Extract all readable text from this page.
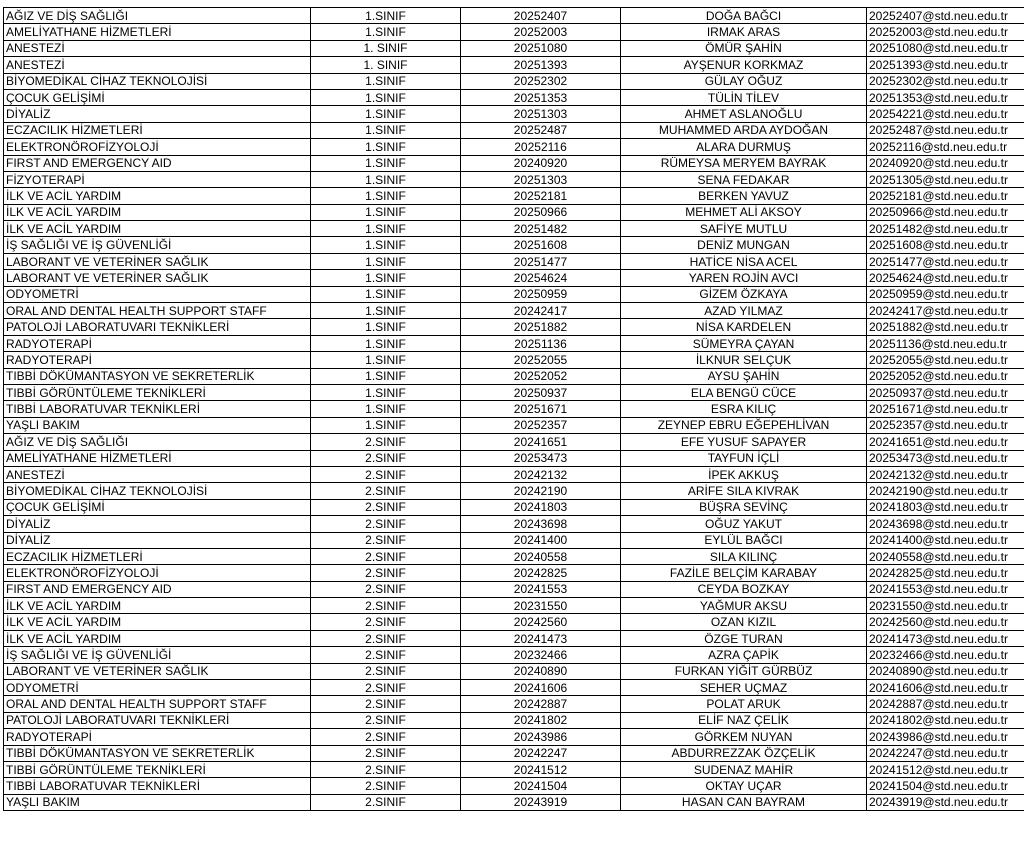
AĞIZ VE DİŞ SAĞLIĞI	1.SINIF	20252407	DOĞA BAĞCI	20252407@std.neu.edu.tr
AMELİYATHANE HİZMETLERİ	1.SINIF	20252003	IRMAK ARAS	20252003@std.neu.edu.tr
ANESTEZİ	1. SINIF	20251080	ÖMÜR ŞAHİN	20251080@std.neu.edu.tr
ANESTEZİ	1. SINIF	20251393	AYŞENUR KORKMAZ	20251393@std.neu.edu.tr
BİYOMEDİKAL CİHAZ TEKNOLOJİSİ	1.SINIF	20252302	GÜLAY OĞUZ	20252302@std.neu.edu.tr
ÇOCUK GELİŞİMİ	1.SINIF	20251353	TÜLİN TİLEV	20251353@std.neu.edu.tr
DİYALİZ	1.SINIF	20251303	AHMET ASLANOĞLU	20254221@std.neu.edu.tr
ECZACILIK HİZMETLERİ	1.SINIF	20252487	MUHAMMED ARDA AYDOĞAN	20252487@std.neu.edu.tr
ELEKTRONÖROFİZYOLOJİ	1.SINIF	20252116	ALARA DURMUŞ	20252116@std.neu.edu.tr
FIRST AND EMERGENCY AID	1.SINIF	20240920	RÜMEYSA MERYEM BAYRAK	20240920@std.neu.edu.tr
FİZYOTERAPİ	1.SINIF	20251303	SENA FEDAKAR	20251305@std.neu.edu.tr
İLK VE ACİL YARDIM	1.SINIF	20252181	BERKEN YAVUZ	20252181@std.neu.edu.tr
İLK VE ACİL YARDIM	1.SINIF	20250966	MEHMET ALİ AKSOY	20250966@std.neu.edu.tr
İLK VE ACİL YARDIM	1.SINIF	20251482	SAFİYE MUTLU	20251482@std.neu.edu.tr
İŞ SAĞLIĞI VE İŞ GÜVENLİĞİ	1.SINIF	20251608	DENİZ MUNGAN	20251608@std.neu.edu.tr
LABORANT VE VETERİNER SAĞLIK	1.SINIF	20251477	HATİCE NİSA ACEL	20251477@std.neu.edu.tr
LABORANT VE VETERİNER SAĞLIK	1.SINIF	20254624	YAREN ROJİN AVCI	20254624@std.neu.edu.tr
ODYOMETRİ	1.SINIF	20250959	GİZEM ÖZKAYA	20250959@std.neu.edu.tr
ORAL AND DENTAL HEALTH SUPPORT STAFF	1.SINIF	20242417	AZAD YILMAZ	20242417@std.neu.edu.tr
PATOLOJİ LABORATUVARI TEKNİKLERİ	1.SINIF	20251882	NİSA KARDELEN	20251882@std.neu.edu.tr
RADYOTERAPİ	1.SINIF	20251136	SÜMEYRA ÇAYAN	20251136@std.neu.edu.tr
RADYOTERAPİ	1.SINIF	20252055	İLKNUR SELÇUK	20252055@std.neu.edu.tr
TIBBİ DÖKÜMANTASYON VE SEKRETERLİK	1.SINIF	20252052	AYSU ŞAHİN	20252052@std.neu.edu.tr
TIBBİ GÖRÜNTÜLEME TEKNİKLERİ	1.SINIF	20250937	ELA BENGÜ CÜCE	20250937@std.neu.edu.tr
TIBBİ LABORATUVAR TEKNİKLERİ	1.SINIF	20251671	ESRA KILIÇ	20251671@std.neu.edu.tr
YAŞLI BAKIM	1.SINIF	20252357	ZEYNEP EBRU EĞEPEHLİVAN	20252357@std.neu.edu.tr
AĞIZ VE DİŞ SAĞLIĞI	2.SINIF	20241651	EFE YUSUF SAPAYER	20241651@std.neu.edu.tr
AMELİYATHANE HİZMETLERİ	2.SINIF	20253473	TAYFUN İÇLİ	20253473@std.neu.edu.tr
ANESTEZİ	2.SINIF	20242132	İPEK AKKUŞ	20242132@std.neu.edu.tr
BİYOMEDİKAL CİHAZ TEKNOLOJİSİ	2.SINIF	20242190	ARİFE SILA KIVRAK	20242190@std.neu.edu.tr
ÇOCUK GELİŞİMİ	2.SINIF	20241803	BÜŞRA SEVİNÇ	20241803@std.neu.edu.tr
DİYALİZ	2.SINIF	20243698	OĞUZ YAKUT	20243698@std.neu.edu.tr
DİYALİZ	2.SINIF	20241400	EYLÜL BAĞCI	20241400@std.neu.edu.tr
ECZACILIK HİZMETLERİ	2.SINIF	20240558	SILA KILINÇ	20240558@std.neu.edu.tr
ELEKTRONÖROFİZYOLOJİ	2.SINIF	20242825	FAZİLE BELÇİM KARABAY	20242825@std.neu.edu.tr
FIRST AND EMERGENCY AID	2.SINIF	20241553	CEYDA BOZKAY	20241553@std.neu.edu.tr
İLK VE ACİL YARDIM	2.SINIF	20231550	YAĞMUR AKSU	20231550@std.neu.edu.tr
İLK VE ACİL YARDIM	2.SINIF	20242560	OZAN KIZIL	20242560@std.neu.edu.tr
İLK VE ACİL YARDIM	2.SINIF	20241473	ÖZGE TURAN	20241473@std.neu.edu.tr
İŞ SAĞLIĞI VE İŞ GÜVENLİĞİ	2.SINIF	20232466	AZRA ÇAPİK	20232466@std.neu.edu.tr
LABORANT VE VETERİNER SAĞLIK	2.SINIF	20240890	FURKAN YİĞİT GÜRBÜZ	20240890@std.neu.edu.tr
ODYOMETRİ	2.SINIF	20241606	SEHER UÇMAZ	20241606@std.neu.edu.tr
ORAL AND DENTAL HEALTH SUPPORT STAFF	2.SINIF	20242887	POLAT ARUK	20242887@std.neu.edu.tr
PATOLOJİ LABORATUVARI TEKNİKLERİ	2.SINIF	20241802	ELİF NAZ ÇELİK	20241802@std.neu.edu.tr
RADYOTERAPİ	2.SINIF	20243986	GÖRKEM NUYAN	20243986@std.neu.edu.tr
TIBBİ DÖKÜMANTASYON VE SEKRETERLİK	2.SINIF	20242247	ABDURREZZAK ÖZÇELİK	20242247@std.neu.edu.tr
TIBBİ GÖRÜNTÜLEME TEKNİKLERİ	2.SINIF	20241512	SUDENAZ MAHİR	20241512@std.neu.edu.tr
TIBBİ LABORATUVAR TEKNİKLERİ	2.SINIF	20241504	OKTAY UÇAR	20241504@std.neu.edu.tr
YAŞLI BAKIM	2.SINIF	20243919	HASAN CAN BAYRAM	20243919@std.neu.edu.tr
